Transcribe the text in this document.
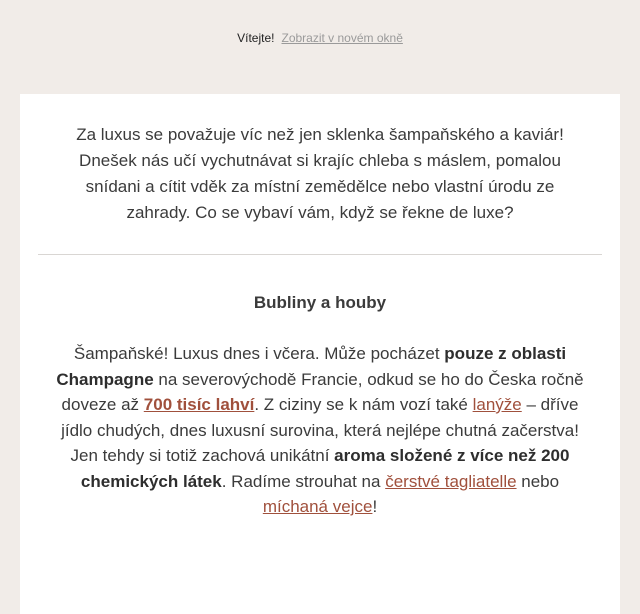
Vítejte! Zobrazit v novém okně

Za luxus se považuje víc než jen sklenka šampaňského a kaviár! Dnešek nás učí vychutnávat si krajíc chleba s máslem, pomalou snídani a cítit vděk za místní zemědělce nebo vlastní úrodu ze zahrady. Co se vybaví vám, když se řekne de luxe?

Bubliny a houby

Šampaňské! Luxus dnes i včera. Může pocházet pouze z oblasti Champagne na severovýchodě Francie, odkud se ho do Česka ročně doveze až 700 tisíc lahví. Z ciziny se k nám vozí také lanýže – dříve jídlo chudých, dnes luxusní surovina, která nejlépe chutná začerstva! Jen tehdy si totiž zachová unikátní aroma složené z více než 200 chemických látek. Radíme strouhat na čerstvé tagliatelle nebo míchaná vejce!
